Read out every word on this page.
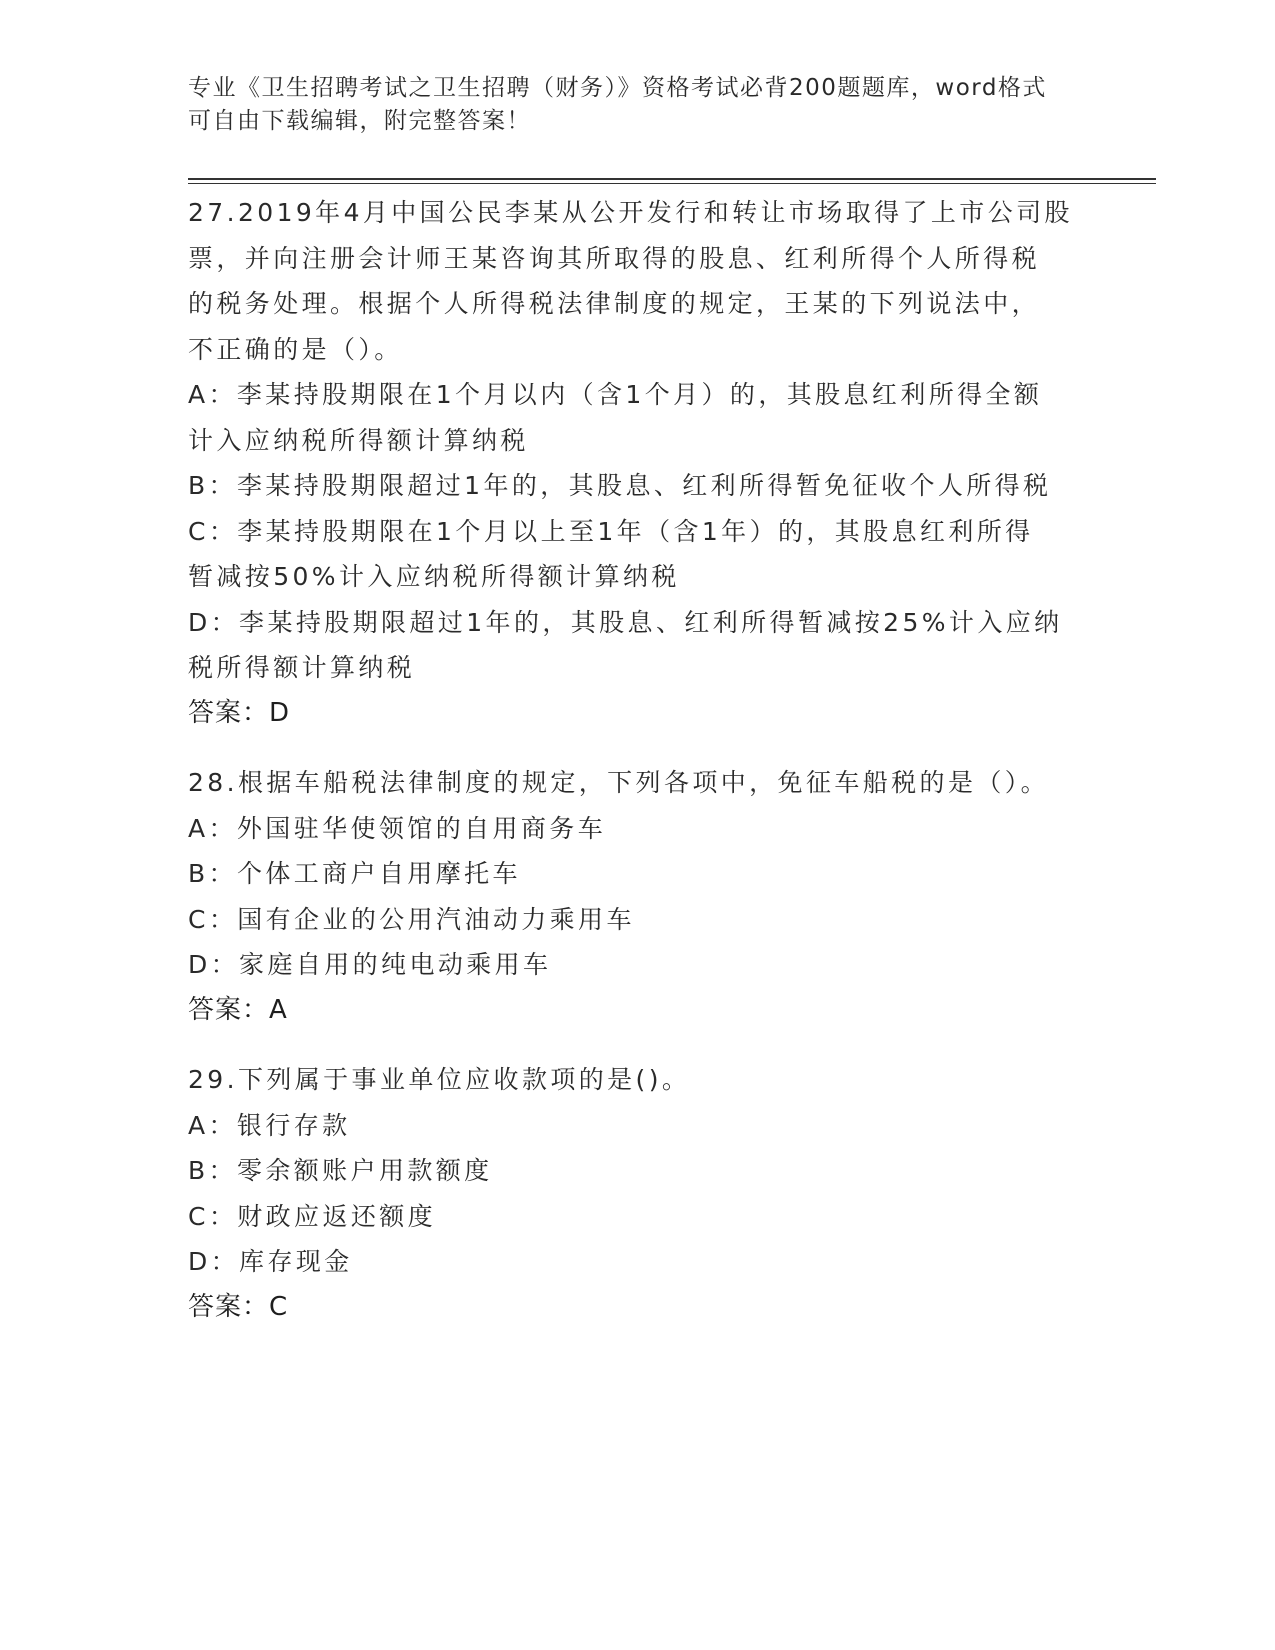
专业《卫生招聘考试之卫生招聘（财务）》资格考试必背200题题库，word格式
可自由下载编辑，附完整答案！
27.2019年4月中国公民李某从公开发行和转让市场取得了上市公司股
票，并向注册会计师王某咨询其所取得的股息、红利所得个人所得税
的税务处理。根据个人所得税法律制度的规定，王某的下列说法中，
不正确的是（）。
A：李某持股期限在1个月以内（含1个月）的，其股息红利所得全额
计入应纳税所得额计算纳税
B：李某持股期限超过1年的，其股息、红利所得暂免征收个人所得税
C：李某持股期限在1个月以上至1年（含1年）的，其股息红利所得
暂减按50%计入应纳税所得额计算纳税
D：李某持股期限超过1年的，其股息、红利所得暂减按25%计入应纳
税所得额计算纳税
答案：D
28.根据车船税法律制度的规定，下列各项中，免征车船税的是（）。
A：外国驻华使领馆的自用商务车
B：个体工商户自用摩托车
C：国有企业的公用汽油动力乘用车
D：家庭自用的纯电动乘用车
答案：A
29.下列属于事业单位应收款项的是()。
A：银行存款
B：零余额账户用款额度
C：财政应返还额度
D：库存现金
答案：C
